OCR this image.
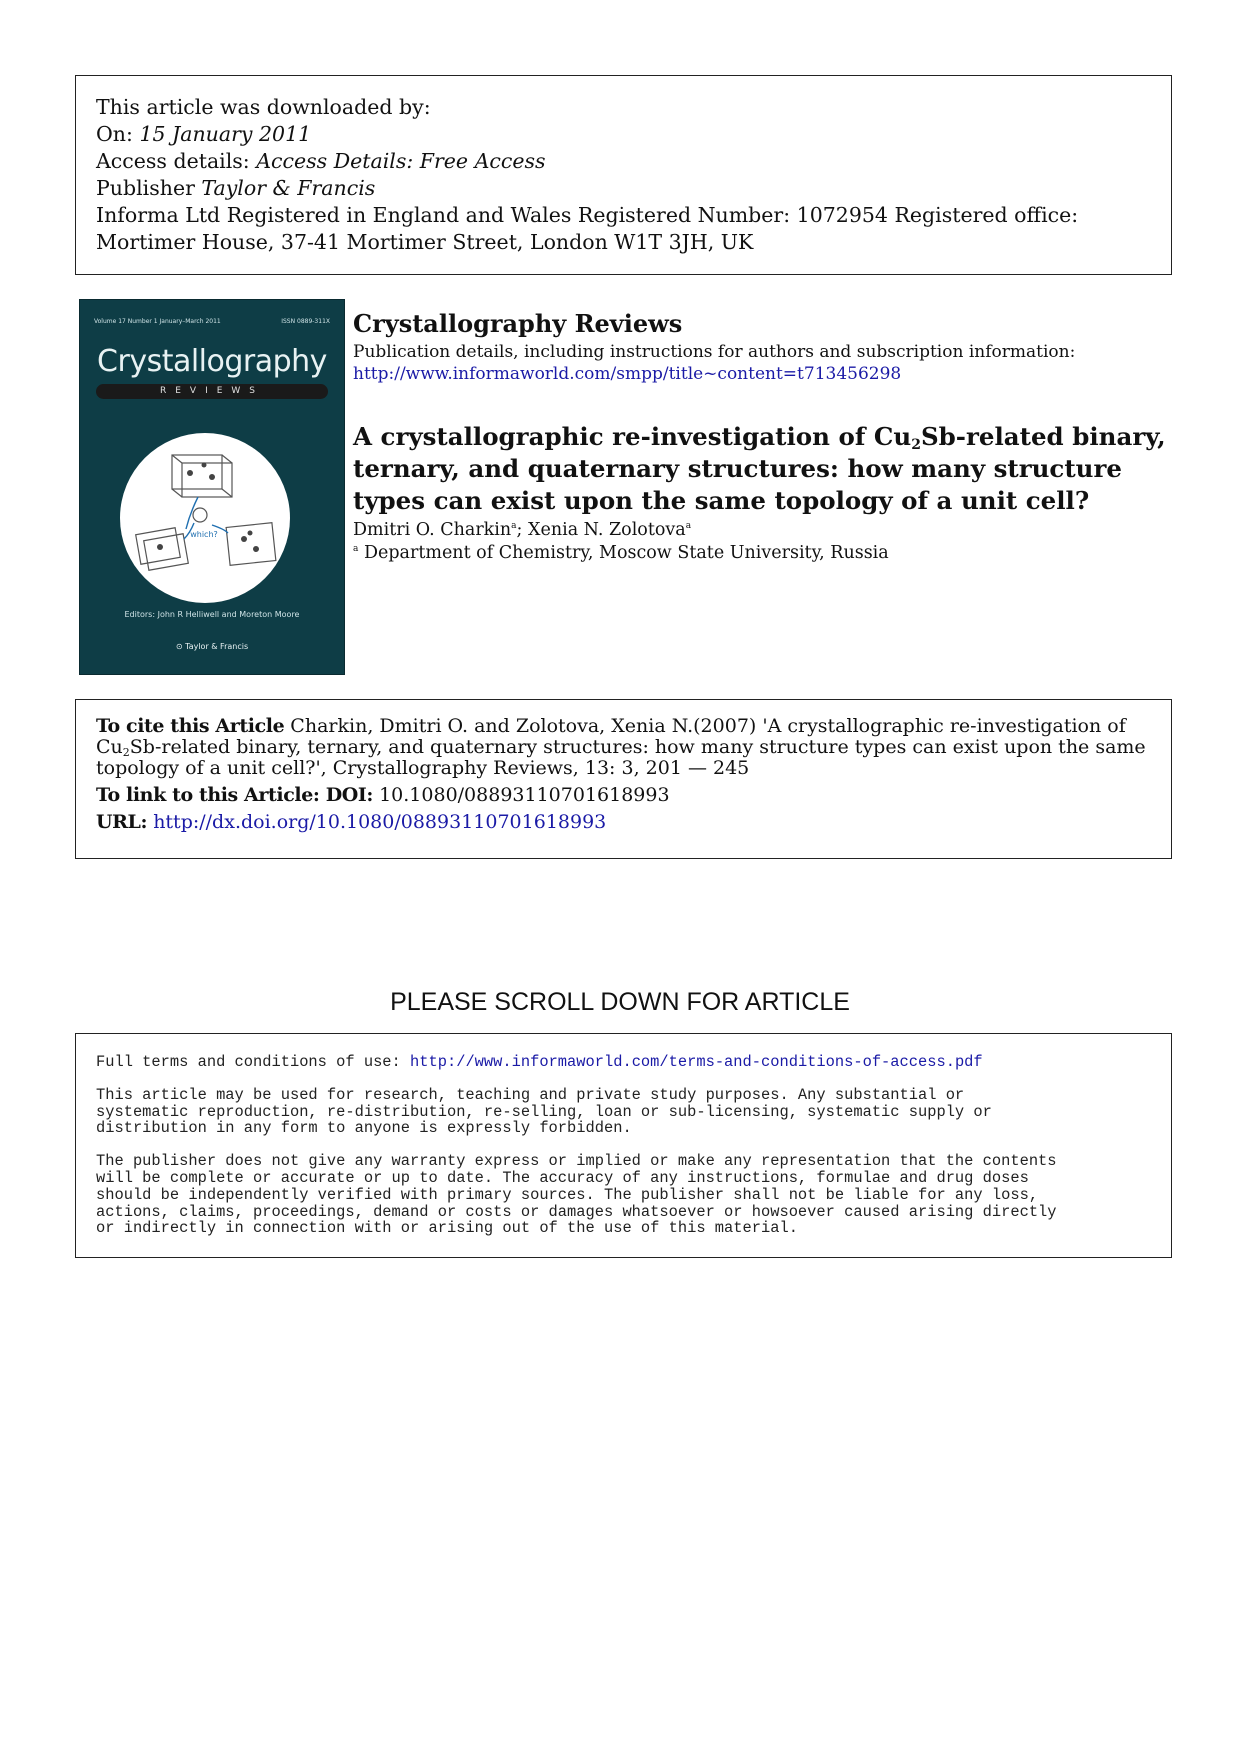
This article was downloaded by:
On: 15 January 2011
Access details: Access Details: Free Access
Publisher Taylor & Francis
Informa Ltd Registered in England and Wales Registered Number: 1072954 Registered office: Mortimer House, 37-41 Mortimer Street, London W1T 3JH, UK
Volume 17 Number 1 January–March 2011	ISSN 0889-311X
Crystallography
REVIEWS
which?
Editors: John R Helliwell and Moreton Moore
⊙ Taylor & Francis
Crystallography Reviews
Publication details, including instructions for authors and subscription information:
http://www.informaworld.com/smpp/title~content=t713456298
A crystallographic re-investigation of $Cu_2Sb$-related binary, ternary, and quaternary structures: how many structure types can exist upon the same topology of a unit cell?
Dmitri O. Charkin$^a$; Xenia N. Zolotova$^a$
$^a$ Department of Chemistry, Moscow State University, Russia
To cite this Article Charkin, Dmitri O. and Zolotova, Xenia N.(2007) 'A crystallographic re-investigation of $Cu_2Sb$-related binary, ternary, and quaternary structures: how many structure types can exist upon the same topology of a unit cell?', Crystallography Reviews, 13: 3, 201 — 245
To link to this Article: DOI: 10.1080/08893110701618993
URL: http://dx.doi.org/10.1080/08893110701618993
PLEASE SCROLL DOWN FOR ARTICLE

Full terms and conditions of use: http://www.informaworld.com/terms-and-conditions-of-access.pdf

This article may be used for research, teaching and private study purposes. Any substantial or
systematic reproduction, re-distribution, re-selling, loan or sub-licensing, systematic supply or
distribution in any form to anyone is expressly forbidden.

The publisher does not give any warranty express or implied or make any representation that the contents
will be complete or accurate or up to date. The accuracy of any instructions, formulae and drug doses
should be independently verified with primary sources. The publisher shall not be liable for any loss,
actions, claims, proceedings, demand or costs or damages whatsoever or howsoever caused arising directly
or indirectly in connection with or arising out of the use of this material.
